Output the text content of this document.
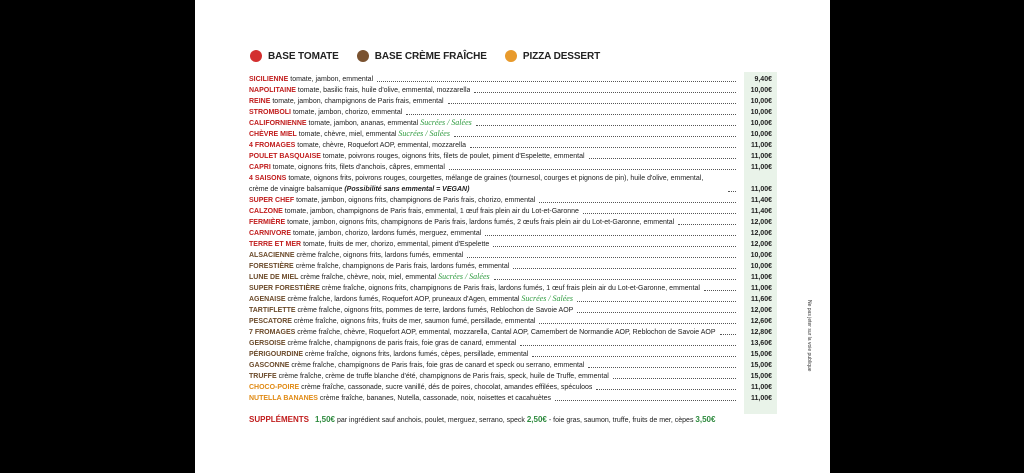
BASE TOMATE	BASE CRÈME FRAÎCHE	PIZZA DESSERT
SICILIENNE tomate, jambon, emmental	9,40€
NAPOLITAINE tomate, basilic frais, huile d'olive, emmental, mozzarella	10,00€
REINE tomate, jambon, champignons de Paris frais, emmental	10,00€
STROMBOLI tomate, jambon, chorizo, emmental	10,00€
CALIFORNIENNE tomate, jambon, ananas, emmental Sucrées / Salées	10,00€
CHÈVRE MIEL tomate, chèvre, miel, emmental Sucrées / Salées	10,00€
4 FROMAGES tomate, chèvre, Roquefort AOP, emmental, mozzarella	11,00€
POULET BASQUAISE tomate, poivrons rouges, oignons frits, filets de poulet, piment d'Espelette, emmental	11,00€
CAPRI tomate, oignons frits, filets d'anchois, câpres, emmental	11,00€
4 SAISONS tomate, oignons frits, poivrons rouges, courgettes, mélange de graines (tournesol, courges et pignons de pin), huile d'olive, emmental, crème de vinaigre balsamique (Possibilité sans emmental = VEGAN)	11,00€
SUPER CHEF tomate, jambon, oignons frits, champignons de Paris frais, chorizo, emmental	11,40€
CALZONE tomate, jambon, champignons de Paris frais, emmental, 1 œuf frais plein air du Lot-et-Garonne	11,40€
FERMIÈRE tomate, jambon, oignons frits, champignons de Paris frais, lardons fumés, 2 œufs frais plein air du Lot-et-Garonne, emmental	12,00€
CARNIVORE tomate, jambon, chorizo, lardons fumés, merguez, emmental	12,00€
TERRE ET MER tomate, fruits de mer, chorizo, emmental, piment d'Espelette	12,00€
ALSACIENNE crème fraîche, oignons frits, lardons fumés, emmental	10,00€
FORESTIÈRE crème fraîche, champignons de Paris frais, lardons fumés, emmental	10,00€
LUNE DE MIEL crème fraîche, chèvre, noix, miel, emmental Sucrées / Salées	11,00€
SUPER FORESTIÈRE crème fraîche, oignons frits, champignons de Paris frais, lardons fumés, 1 œuf frais plein air du Lot-et-Garonne, emmental	11,00€
AGENAISE crème fraîche, lardons fumés, Roquefort AOP, pruneaux d'Agen, emmental Sucrées / Salées	11,60€
TARTIFLETTE crème fraîche, oignons frits, pommes de terre, lardons fumés, Reblochon de Savoie AOP	12,00€
PESCATORE crème fraîche, oignons frits, fruits de mer, saumon fumé, persillade, emmental	12,60€
7 FROMAGES crème fraîche, chèvre, Roquefort AOP, emmental, mozzarella, Cantal AOP, Camembert de Normandie AOP, Reblochon de Savoie AOP	12,80€
GERSOISE crème fraîche, champignons de paris frais, foie gras de canard, emmental	13,60€
PÉRIGOURDINE crème fraîche, oignons frits, lardons fumés, cèpes, persillade, emmental	15,00€
GASCONNE crème fraîche, champignons de Paris frais, foie gras de canard et speck ou serrano, emmental	15,00€
TRUFFE crème fraîche, crème de truffe blanche d'été, champignons de Paris frais, speck, huile de Truffe, emmental	15,00€
CHOCO-POIRE crème fraîche, cassonade, sucre vanillé, dés de poires, chocolat, amandes effilées, spéculoos	11,00€
NUTELLA BANANES crème fraîche, bananes, Nutella, cassonade, noix, noisettes et cacahuètes	11,00€
SUPPLÉMENTS 1,50€ par ingrédient sauf anchois, poulet, merguez, serrano, speck 2,50€ - foie gras, saumon, truffe, fruits de mer, cèpes 3,50€
Ne pas jeter sur la voie publique
